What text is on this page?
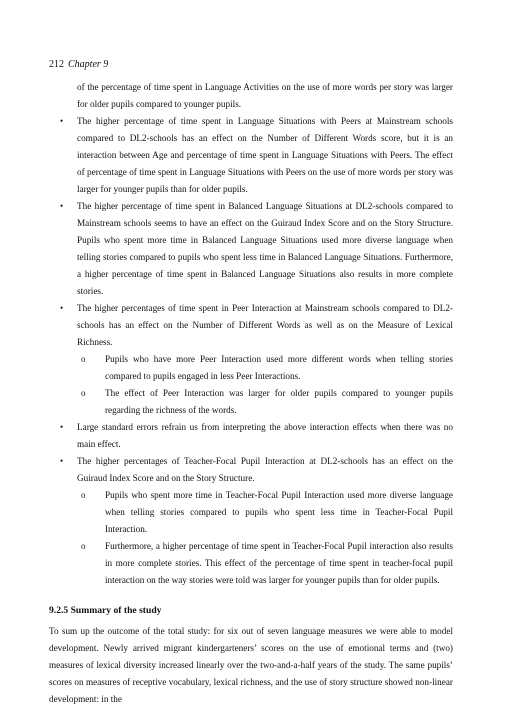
212 Chapter 9

of the percentage of time spent in Language Activities on the use of more words per story was larger for older pupils compared to younger pupils.

• The higher percentage of time spent in Language Situations with Peers at Mainstream schools compared to DL2-schools has an effect on the Number of Different Words score, but it is an interaction between Age and percentage of time spent in Language Situations with Peers. The effect of percentage of time spent in Language Situations with Peers on the use of more words per story was larger for younger pupils than for older pupils.
• The higher percentage of time spent in Balanced Language Situations at DL2-schools compared to Mainstream schools seems to have an effect on the Guiraud Index Score and on the Story Structure. Pupils who spent more time in Balanced Language Situations used more diverse language when telling stories compared to pupils who spent less time in Balanced Language Situations. Furthermore, a higher percentage of time spent in Balanced Language Situations also results in more complete stories.
• The higher percentages of time spent in Peer Interaction at Mainstream schools compared to DL2-schools has an effect on the Number of Different Words as well as on the Measure of Lexical Richness.
o Pupils who have more Peer Interaction used more different words when telling stories compared to pupils engaged in less Peer Interactions.
o The effect of Peer Interaction was larger for older pupils compared to younger pupils regarding the richness of the words.
• Large standard errors refrain us from interpreting the above interaction effects when there was no main effect.
• The higher percentages of Teacher-Focal Pupil Interaction at DL2-schools has an effect on the Guiraud Index Score and on the Story Structure.
o Pupils who spent more time in Teacher-Focal Pupil Interaction used more diverse language when telling stories compared to pupils who spent less time in Teacher-Focal Pupil Interaction.
o Furthermore, a higher percentage of time spent in Teacher-Focal Pupil interaction also results in more complete stories. This effect of the percentage of time spent in teacher-focal pupil interaction on the way stories were told was larger for younger pupils than for older pupils.
9.2.5 Summary of the study

To sum up the outcome of the total study: for six out of seven language measures we were able to model development. Newly arrived migrant kindergarteners’ scores on the use of emotional terms and (two) measures of lexical diversity increased linearly over the two-and-a-half years of the study. The same pupils’ scores on measures of receptive vocabulary, lexical richness, and the use of story structure showed non-linear development: in the
